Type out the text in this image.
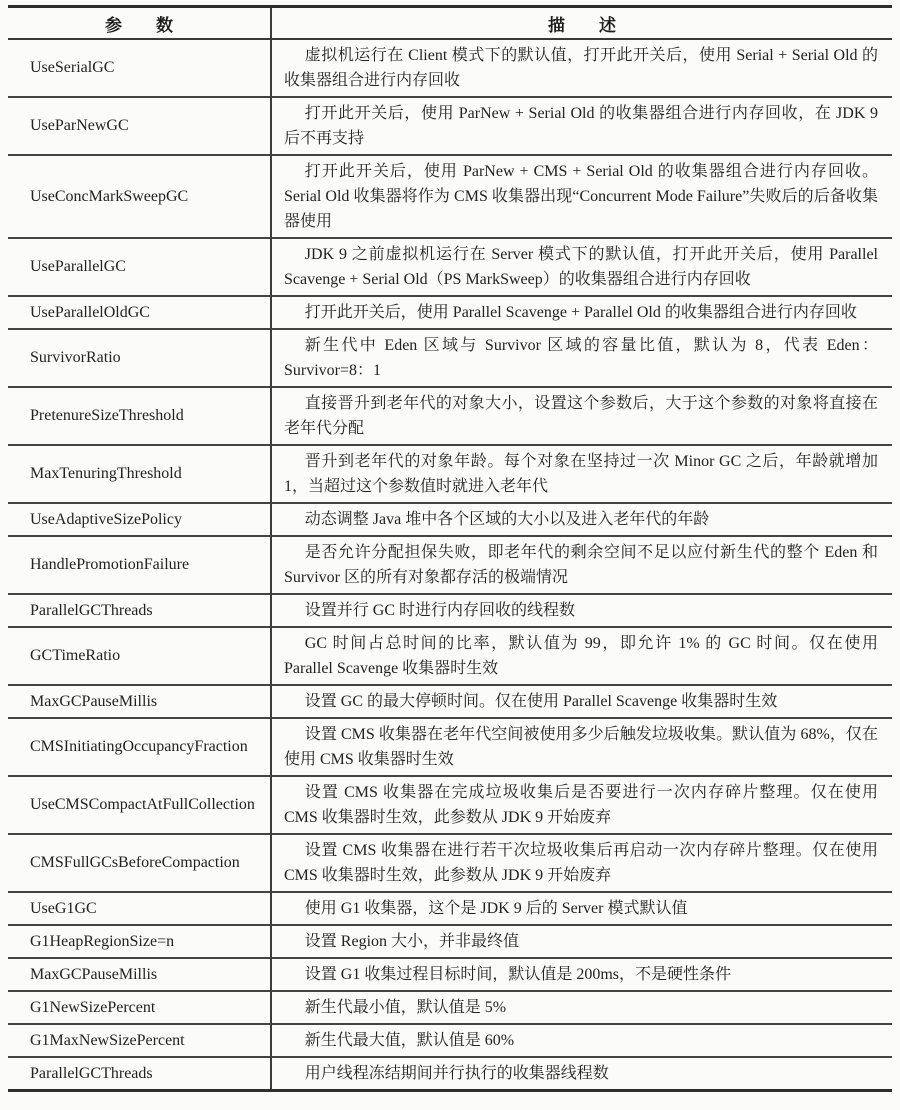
参　　数	描　　述
UseSerialGC	虚拟机运行在 Client 模式下的默认值，打开此开关后，使用 Serial + Serial Old 的收集器组合进行内存回收
UseParNewGC	打开此开关后，使用 ParNew + Serial Old 的收集器组合进行内存回收，在 JDK 9 后不再支持
UseConcMarkSweepGC	打开此开关后，使用 ParNew + CMS + Serial Old 的收集器组合进行内存回收。Serial Old 收集器将作为 CMS 收集器出现“Concurrent Mode Failure”失败后的后备收集器使用
UseParallelGC	JDK 9 之前虚拟机运行在 Server 模式下的默认值，打开此开关后，使用 Parallel Scavenge + Serial Old（PS MarkSweep）的收集器组合进行内存回收
UseParallelOldGC	打开此开关后，使用 Parallel Scavenge + Parallel Old 的收集器组合进行内存回收
SurvivorRatio	新生代中 Eden 区域与 Survivor 区域的容量比值，默认为 8，代表 Eden：Survivor=8：1
PretenureSizeThreshold	直接晋升到老年代的对象大小，设置这个参数后，大于这个参数的对象将直接在老年代分配
MaxTenuringThreshold	晋升到老年代的对象年龄。每个对象在坚持过一次 Minor GC 之后，年龄就增加 1，当超过这个参数值时就进入老年代
UseAdaptiveSizePolicy	动态调整 Java 堆中各个区域的大小以及进入老年代的年龄
HandlePromotionFailure	是否允许分配担保失败，即老年代的剩余空间不足以应付新生代的整个 Eden 和 Survivor 区的所有对象都存活的极端情况
ParallelGCThreads	设置并行 GC 时进行内存回收的线程数
GCTimeRatio	GC 时间占总时间的比率，默认值为 99，即允许 1% 的 GC 时间。仅在使用 Parallel Scavenge 收集器时生效
MaxGCPauseMillis	设置 GC 的最大停顿时间。仅在使用 Parallel Scavenge 收集器时生效
CMSInitiatingOccupancyFraction	设置 CMS 收集器在老年代空间被使用多少后触发垃圾收集。默认值为 68%，仅在使用 CMS 收集器时生效
UseCMSCompactAtFullCollection	设置 CMS 收集器在完成垃圾收集后是否要进行一次内存碎片整理。仅在使用 CMS 收集器时生效，此参数从 JDK 9 开始废弃
CMSFullGCsBeforeCompaction	设置 CMS 收集器在进行若干次垃圾收集后再启动一次内存碎片整理。仅在使用 CMS 收集器时生效，此参数从 JDK 9 开始废弃
UseG1GC	使用 G1 收集器，这个是 JDK 9 后的 Server 模式默认值
G1HeapRegionSize=n	设置 Region 大小，并非最终值
MaxGCPauseMillis	设置 G1 收集过程目标时间，默认值是 200ms，不是硬性条件
G1NewSizePercent	新生代最小值，默认值是 5%
G1MaxNewSizePercent	新生代最大值，默认值是 60%
ParallelGCThreads	用户线程冻结期间并行执行的收集器线程数
